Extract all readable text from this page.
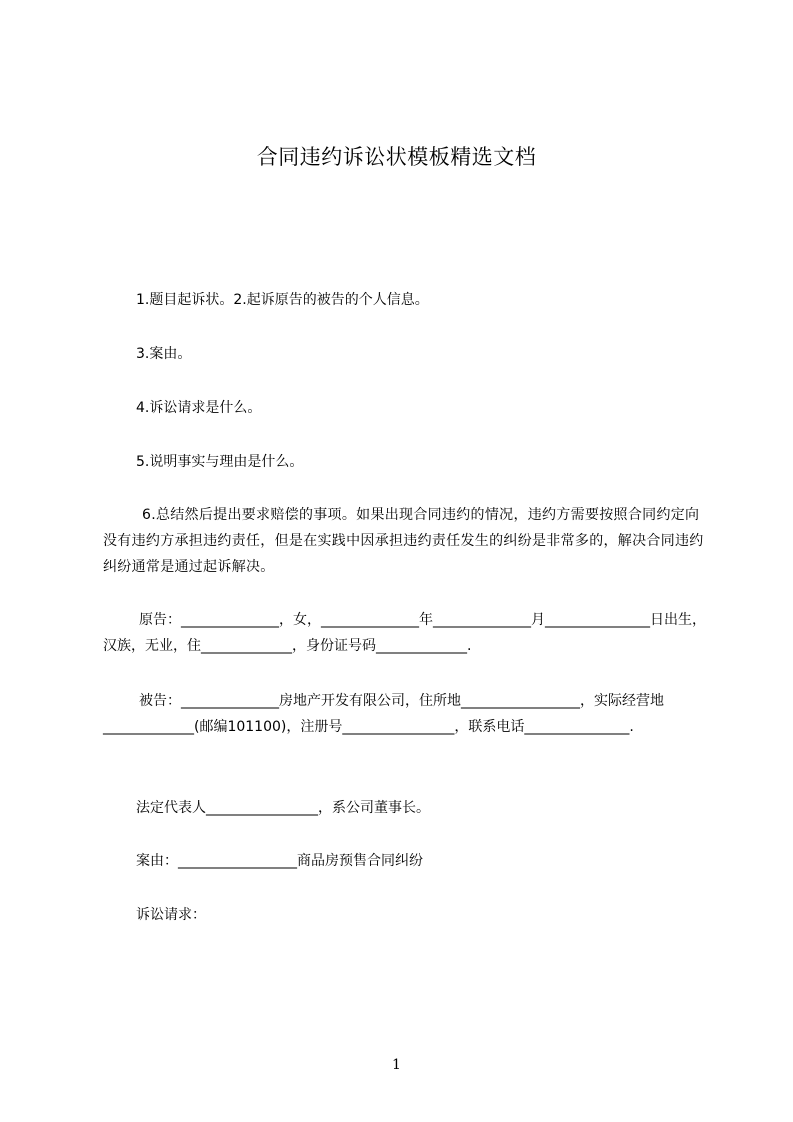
合同违约诉讼状模板精选文档

1.题目起诉状。2.起诉原告的被告的个人信息。

3.案由。

4.诉讼请求是什么。

5.说明事实与理由是什么。

6.总结然后提出要求赔偿的事项。如果出现合同违约的情况，违约方需要按照合同约定向没有违约方承担违约责任，但是在实践中因承担违约责任发生的纠纷是非常多的，解决合同违约纠纷通常是通过起诉解决。

原告：______________，女，______________年______________月_______________日出生，汉族，无业，住_____________，身份证号码_____________.

被告：______________房地产开发有限公司，住所地_________________，实际经营地_____________(邮编101100)，注册号________________，联系电话_______________.

法定代表人________________，系公司董事长。

案由：_________________商品房预售合同纠纷

诉讼请求：

1
